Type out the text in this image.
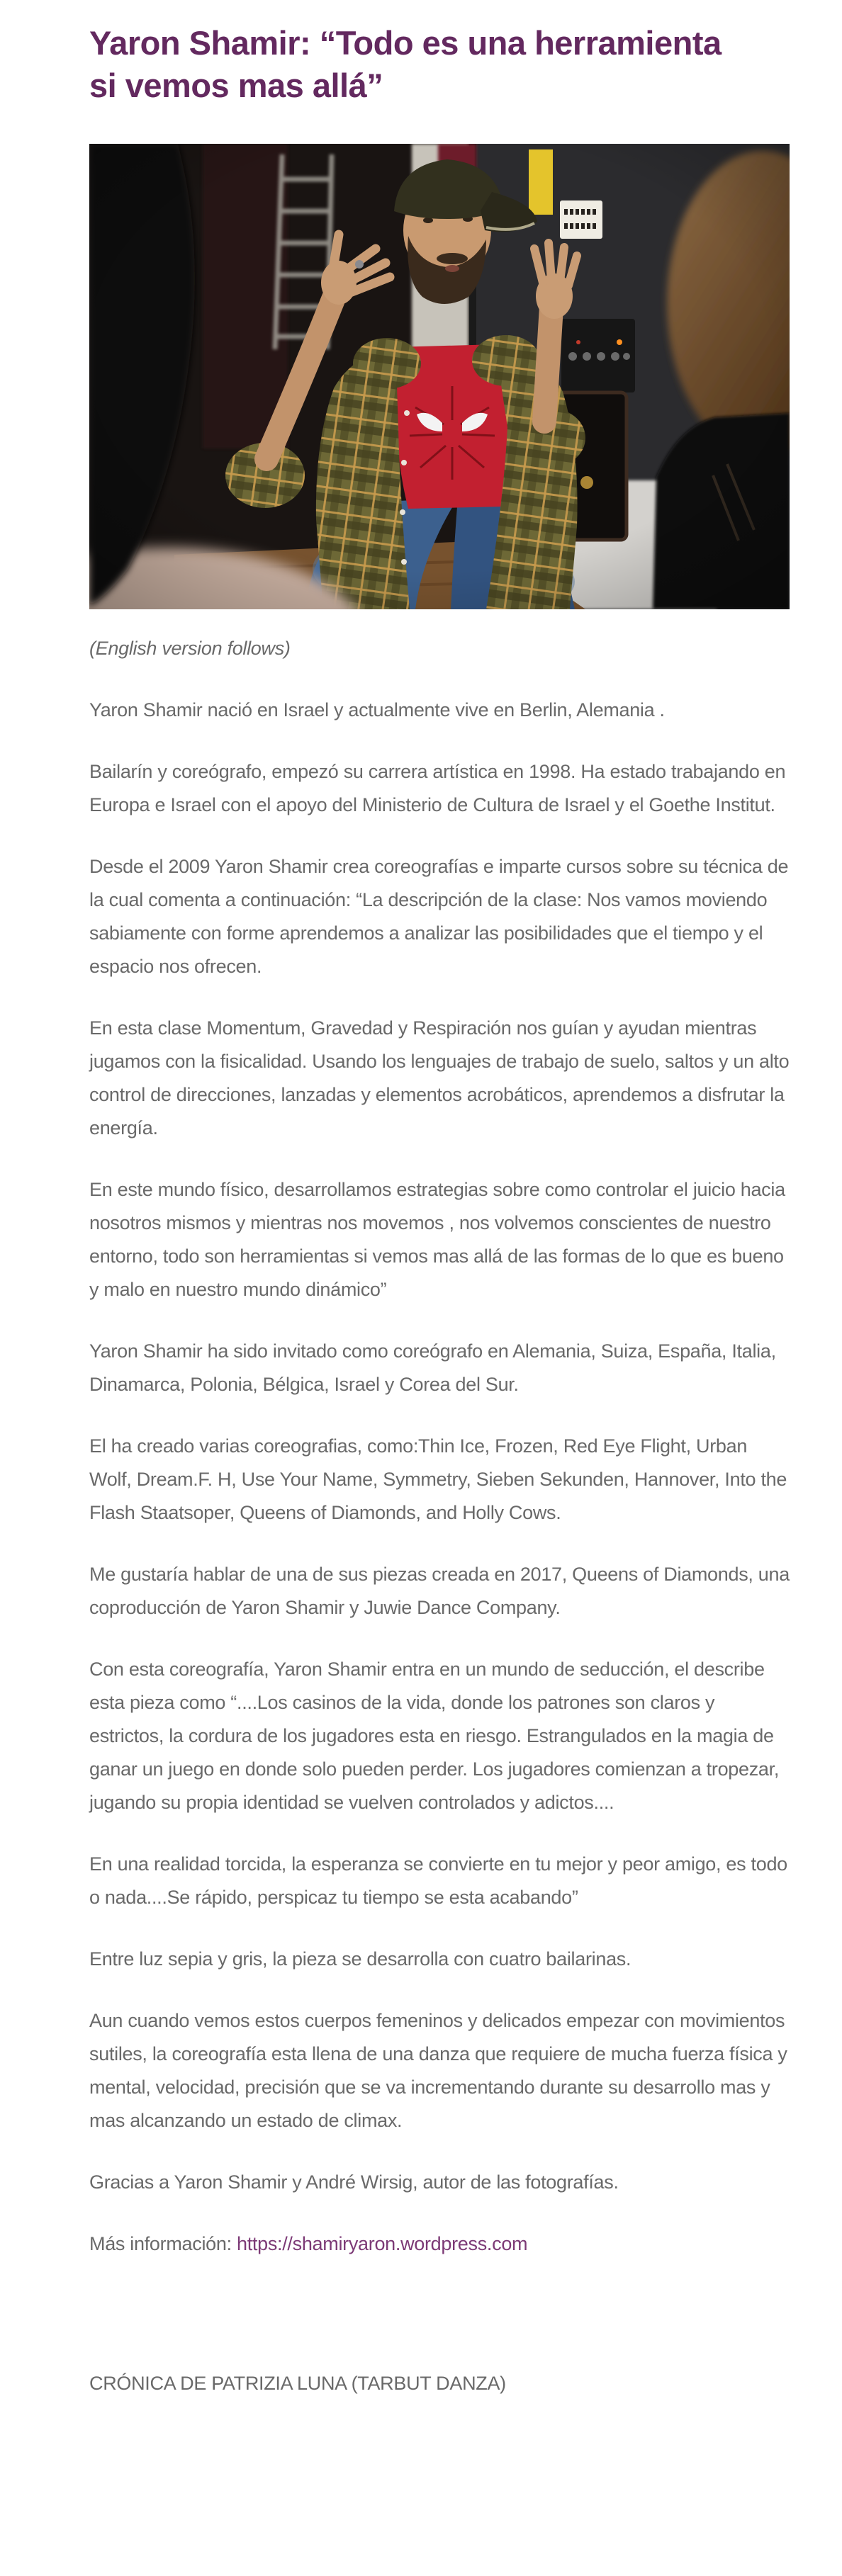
Yaron Shamir: “Todo es una herramienta
si vemos mas allá”

(English version follows)

Yaron Shamir nació en Israel y actualmente vive en Berlin, Alemania .

Bailarín y coreógrafo, empezó su carrera artística en 1998. Ha estado trabajando en Europa e Israel con el apoyo del Ministerio de Cultura de Israel y el Goethe Institut.

Desde el 2009 Yaron Shamir crea coreografías e imparte cursos sobre su técnica de la cual comenta a continuación: “La descripción de la clase: Nos vamos moviendo sabiamente con forme aprendemos a analizar las posibilidades que el tiempo y el espacio nos ofrecen.

En esta clase Momentum, Gravedad y Respiración nos guían y ayudan mientras jugamos con la fisicalidad. Usando los lenguajes de trabajo de suelo, saltos y un alto control de direcciones, lanzadas y elementos acrobáticos, aprendemos a disfrutar la energía.

En este mundo físico, desarrollamos estrategias sobre como controlar el juicio hacia nosotros mismos y mientras nos movemos , nos volvemos conscientes de nuestro entorno, todo son herramientas si vemos mas allá de las formas de lo que es bueno y malo en nuestro mundo dinámico”

Yaron Shamir ha sido invitado como coreógrafo en Alemania, Suiza, España, Italia, Dinamarca, Polonia, Bélgica, Israel y Corea del Sur.

El ha creado varias coreografias, como:Thin Ice, Frozen, Red Eye Flight, Urban Wolf, Dream.F. H, Use Your Name, Symmetry, Sieben Sekunden, Hannover, Into the Flash Staatsoper, Queens of Diamonds, and Holly Cows.

Me gustaría hablar de una de sus piezas creada en 2017, Queens of Diamonds, una coproducción de Yaron Shamir y Juwie Dance Company.

Con esta coreografía, Yaron Shamir entra en un mundo de seducción, el describe esta pieza como “....Los casinos de la vida, donde los patrones son claros y estrictos, la cordura de los jugadores esta en riesgo. Estrangulados en la magia de ganar un juego en donde solo pueden perder. Los jugadores comienzan a tropezar, jugando su propia identidad se vuelven controlados y adictos....

En una realidad torcida, la esperanza se convierte en tu mejor y peor amigo, es todo o nada....Se rápido, perspicaz tu tiempo se esta acabando”

Entre luz sepia y gris, la pieza se desarrolla con cuatro bailarinas.

Aun cuando vemos estos cuerpos femeninos y delicados empezar con movimientos sutiles, la coreografía esta llena de una danza que requiere de mucha fuerza física y mental, velocidad, precisión que se va incrementando durante su desarrollo mas y mas alcanzando un estado de climax.

Gracias a Yaron Shamir y André Wirsig, autor de las fotografías.

Más información: https://shamiryaron.wordpress.com

CRÓNICA DE PATRIZIA LUNA (TARBUT DANZA)
